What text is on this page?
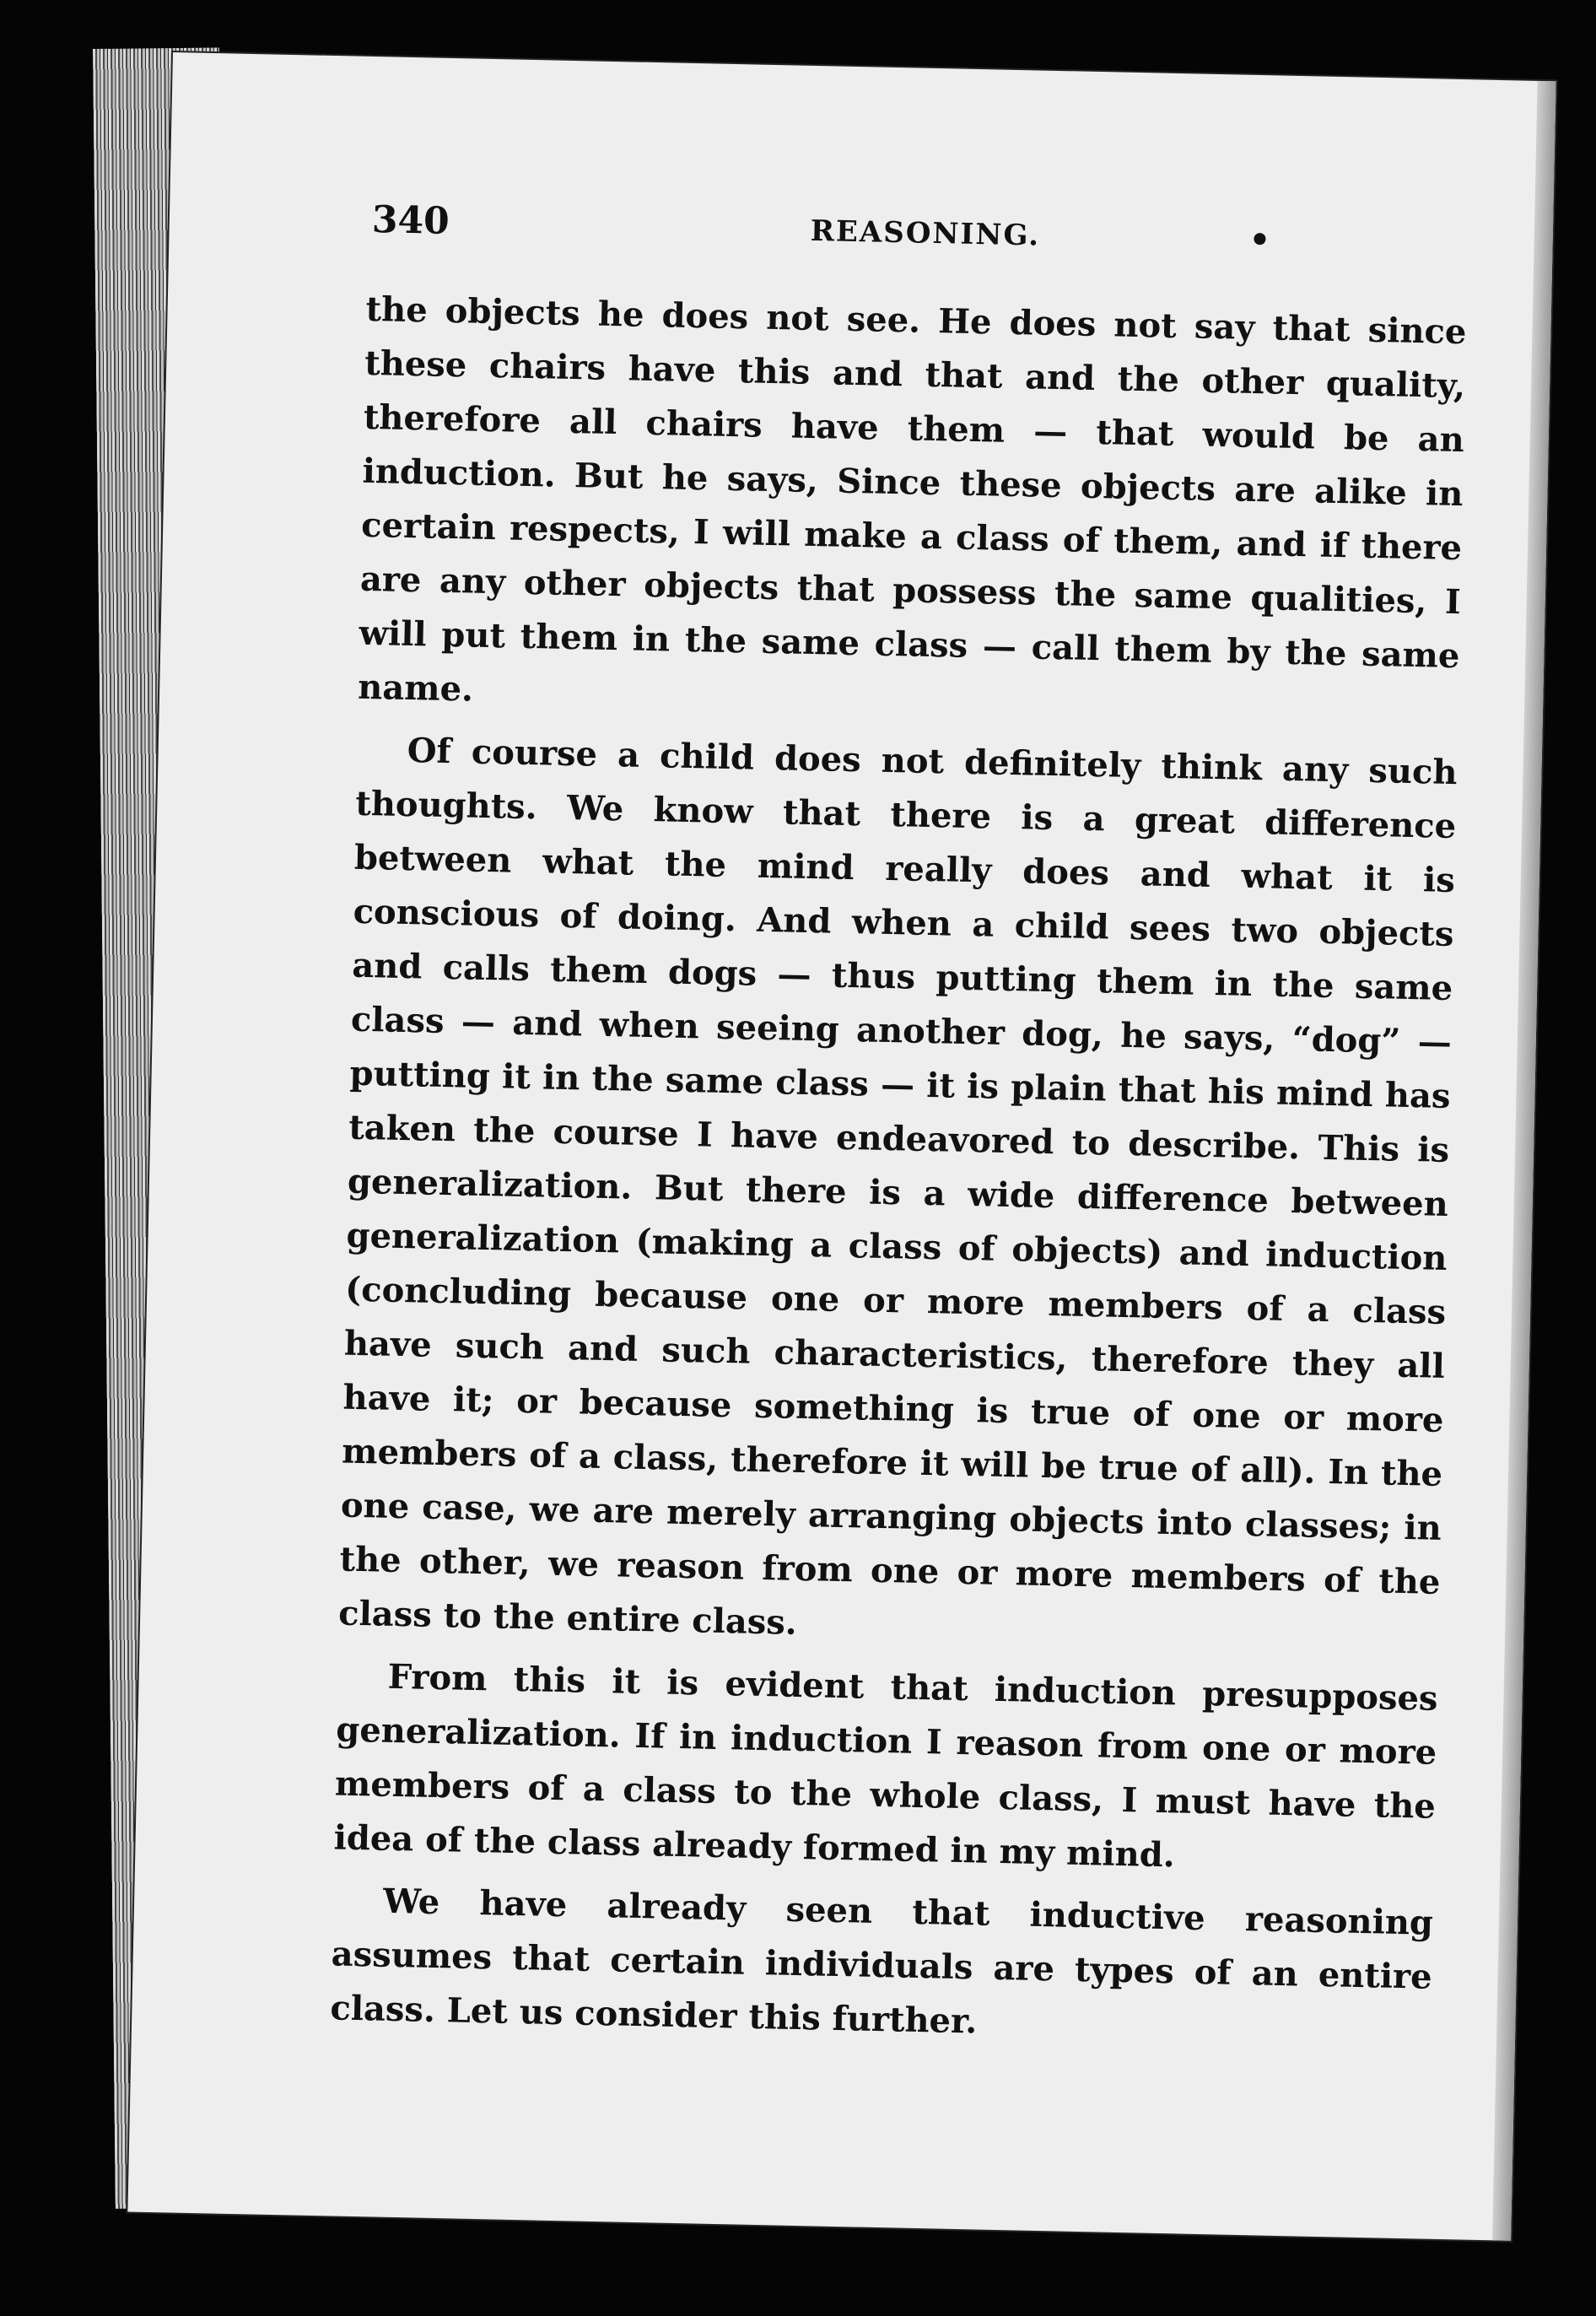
340	REASONING.	•

the objects he does not see. He does not say that since these chairs have this and that and the other quality, therefore all chairs have them — that would be an induction. But he says, Since these objects are alike in certain respects, I will make a class of them, and if there are any other objects that possess the same qualities, I will put them in the same class — call them by the same name.

Of course a child does not definitely think any such thoughts. We know that there is a great difference between what the mind really does and what it is conscious of doing. And when a child sees two objects and calls them dogs — thus putting them in the same class — and when seeing another dog, he says, “dog” — putting it in the same class — it is plain that his mind has taken the course I have endeavored to describe. This is generalization. But there is a wide difference between generalization (making a class of objects) and induction (concluding because one or more members of a class have such and such characteristics, therefore they all have it; or because something is true of one or more members of a class, therefore it will be true of all). In the one case, we are merely arranging objects into classes; in the other, we reason from one or more members of the class to the entire class.

From this it is evident that induction presupposes generalization. If in induction I reason from one or more members of a class to the whole class, I must have the idea of the class already formed in my mind.

We have already seen that inductive reasoning assumes that certain individuals are types of an entire class. Let us consider this further.
